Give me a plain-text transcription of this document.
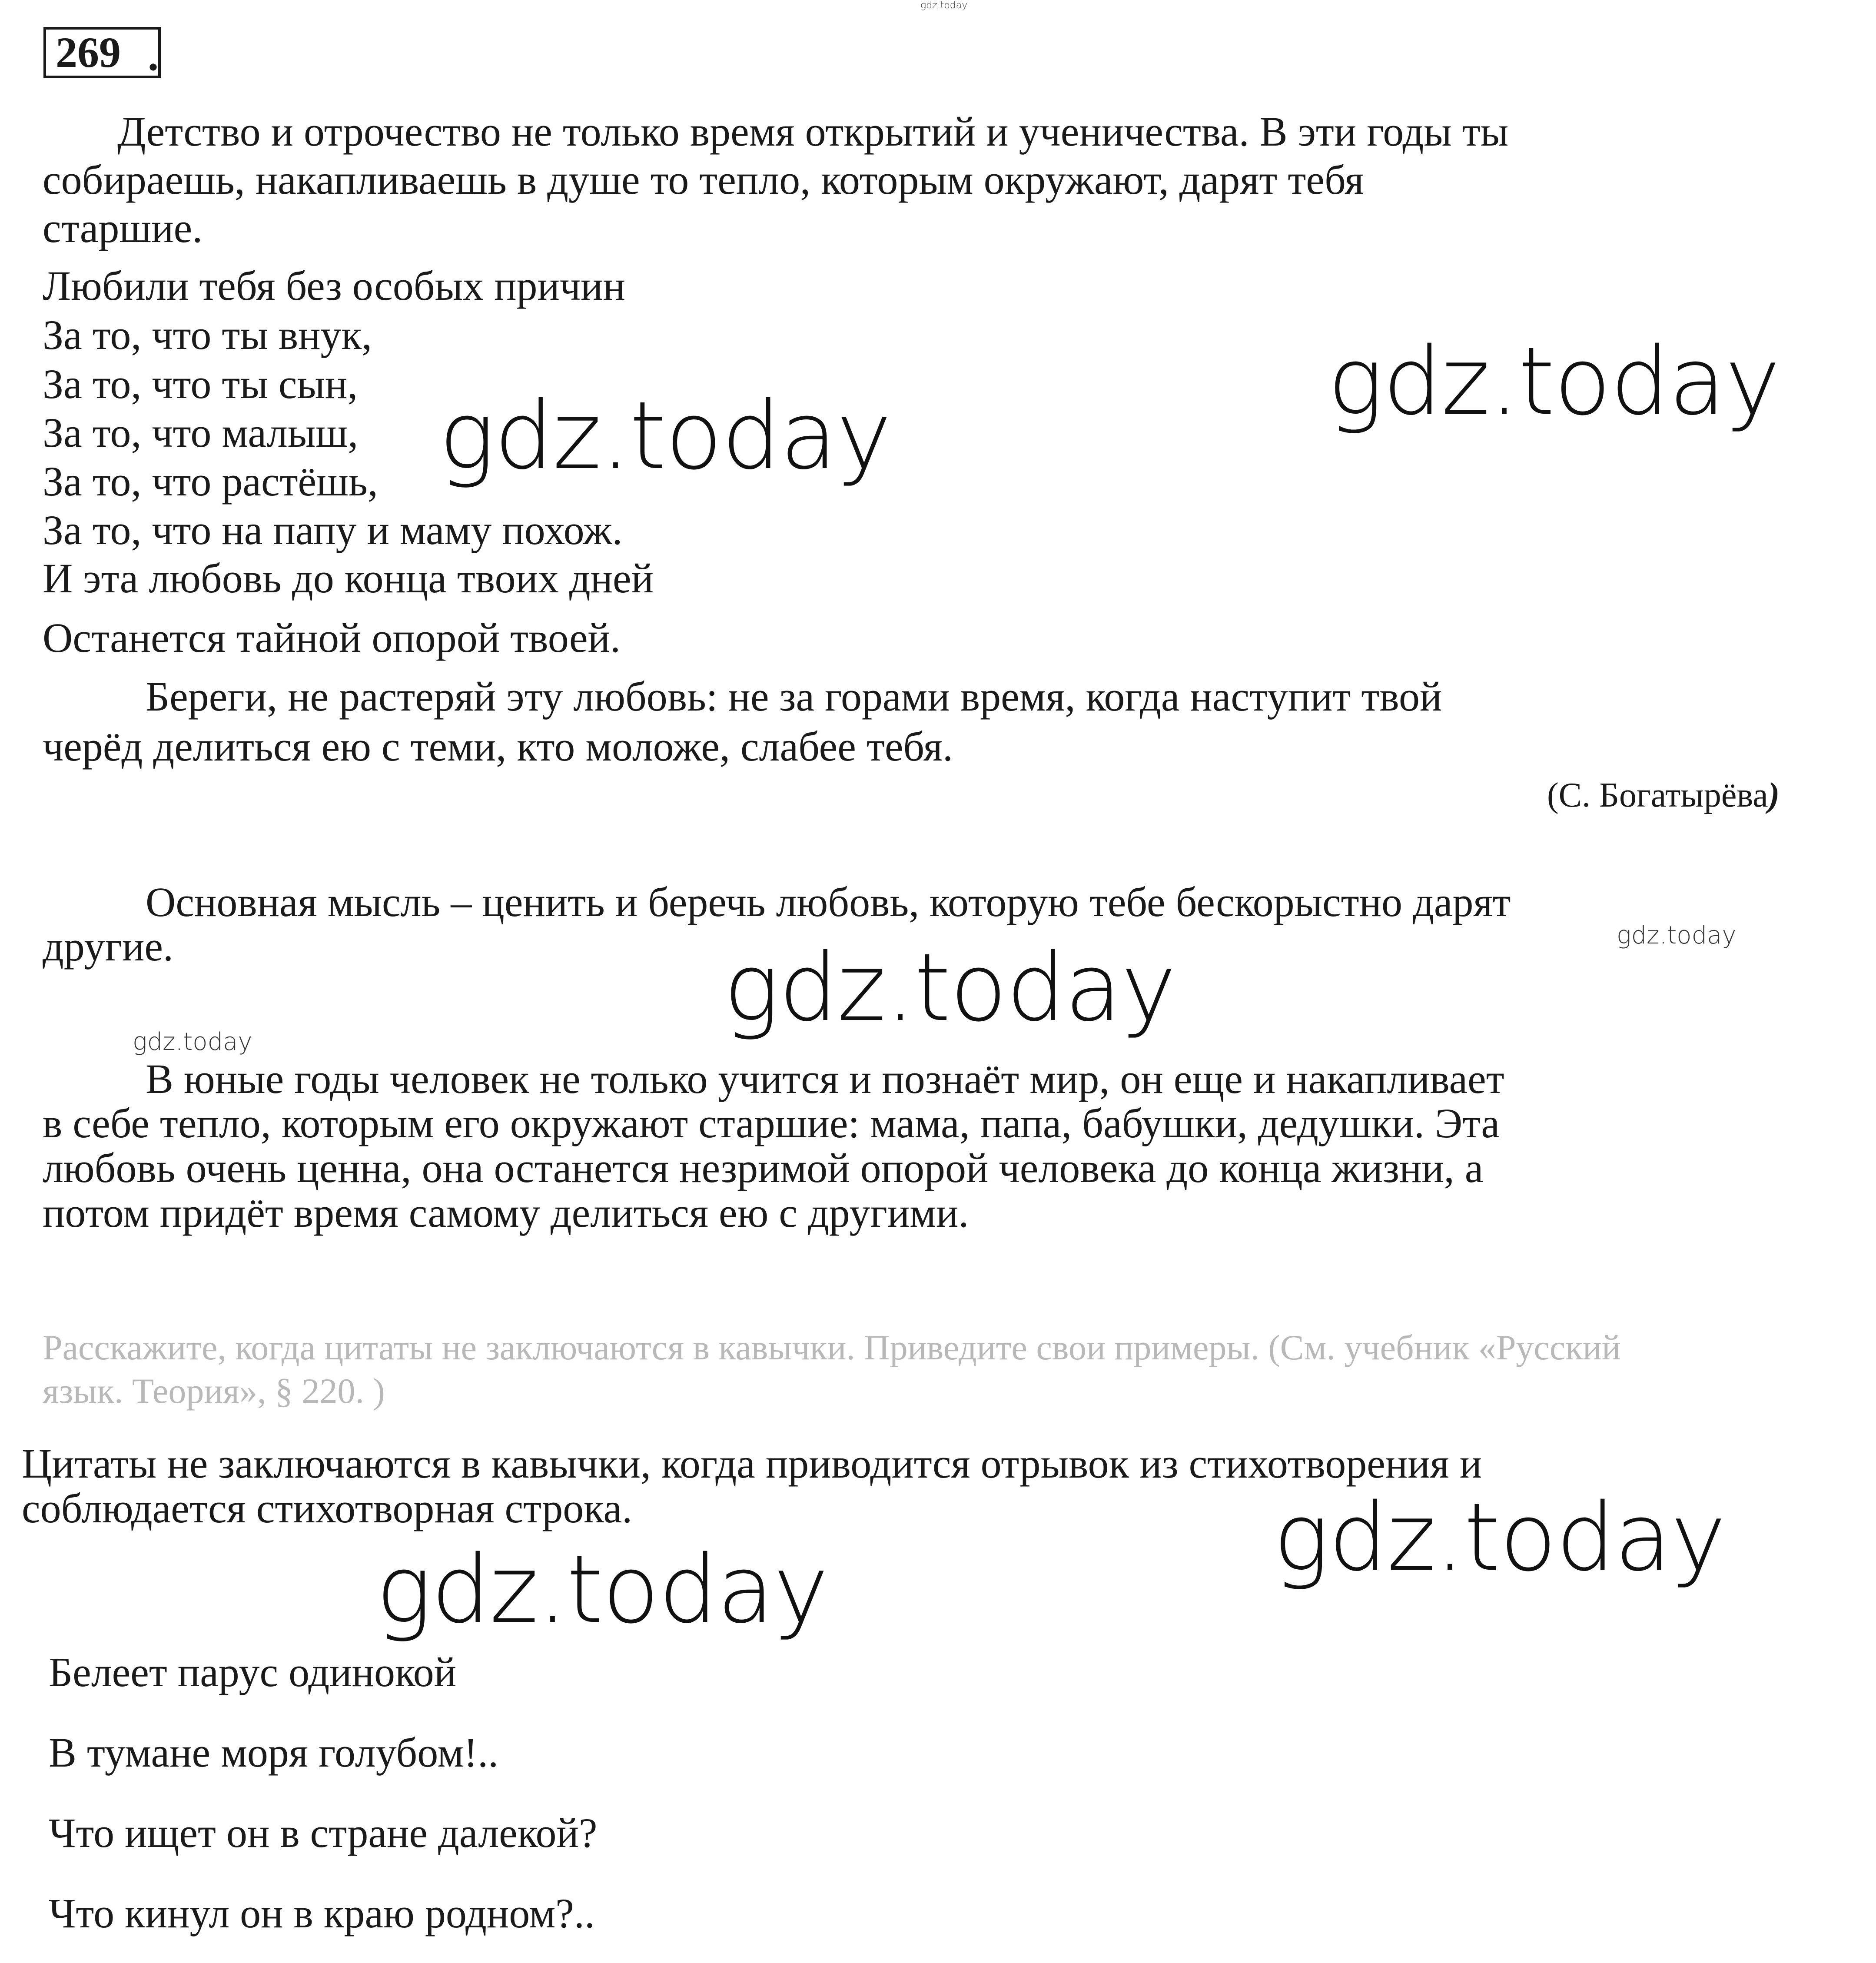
269 .
Детство и отрочество не только время открытий и ученичества. В эти годы ты
собираешь, накапливаешь в душе то тепло, которым окружают, дарят тебя
старшие.
Любили тебя без особых причин
За то, что ты внук,
За то, что ты сын,
За то, что малыш,
За то, что растёшь,
За то, что на папу и маму похож.
И эта любовь до конца твоих дней
Останется тайной опорой твоей.
Береги, не растеряй эту любовь: не за горами время, когда наступит твой
черёд делиться ею с теми, кто моложе, слабее тебя.
(С. Богатырёва)
Основная мысль – ценить и беречь любовь, которую тебе бескорыстно дарят
другие.
В юные годы человек не только учится и познаёт мир, он еще и накапливает
в себе тепло, которым его окружают старшие: мама, папа, бабушки, дедушки. Эта
любовь очень ценна, она останется незримой опорой человека до конца жизни, а
потом придёт время самому делиться ею с другими.
Расскажите, когда цитаты не заключаются в кавычки. Приведите свои примеры. (См. учебник «Русский
язык. Теория», § 220. )
Цитаты не заключаются в кавычки, когда приводится отрывок из стихотворения и
соблюдается стихотворная строка.
Белеет парус одинокой
В тумане моря голубом!..
Что ищет он в стране далекой?
Что кинул он в краю родном?..
gdz.today
gdz.today
gdz.today
gdz.today
gdz.today
gdz.today
gdz.today
gdz.today
